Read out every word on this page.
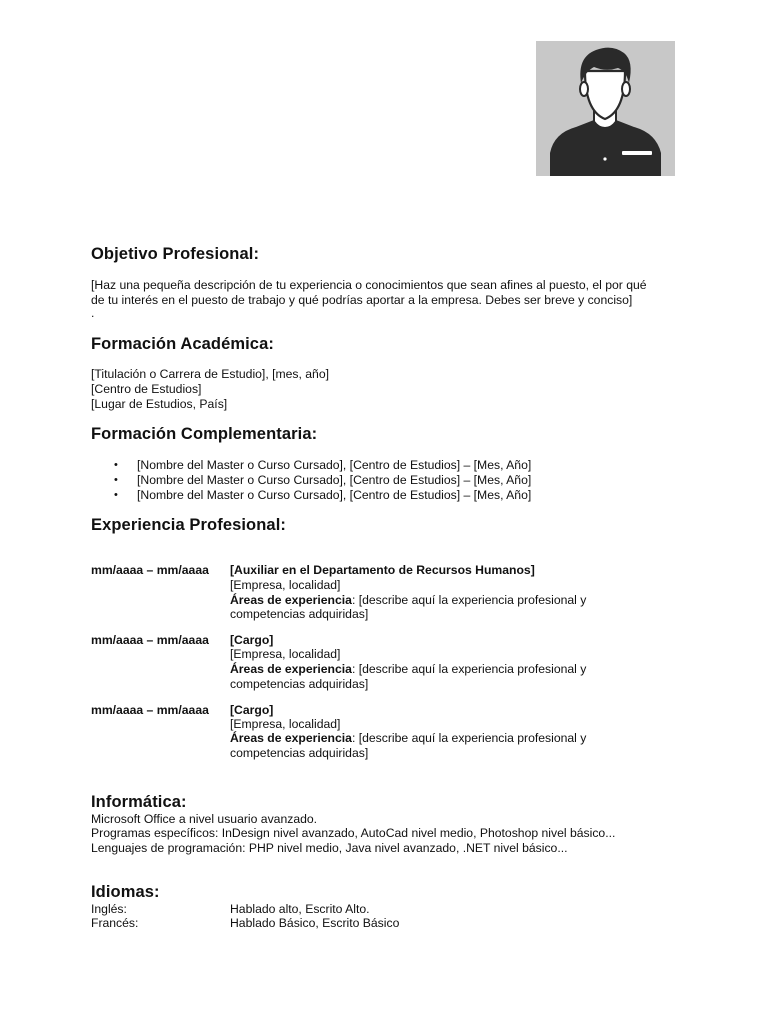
Objetivo Profesional:
[Haz una pequeña descripción de tu experiencia o conocimientos que sean afines al puesto, el por qué
de tu interés en el puesto de trabajo y qué podrías aportar a la empresa. Debes ser breve y conciso]
.
Formación Académica:
[Titulación o Carrera de Estudio], [mes, año]
[Centro de Estudios]
[Lugar de Estudios, País]
Formación Complementaria:
• [Nombre del Master o Curso Cursado], [Centro de Estudios] – [Mes, Año]
• [Nombre del Master o Curso Cursado], [Centro de Estudios] – [Mes, Año]
• [Nombre del Master o Curso Cursado], [Centro de Estudios] – [Mes, Año]
Experiencia Profesional:
mm/aaaa – mm/aaaa [Auxiliar en el Departamento de Recursos Humanos]
[Empresa, localidad]
Áreas de experiencia: [describe aquí la experiencia profesional y
competencias adquiridas]
mm/aaaa – mm/aaaa [Cargo]
[Empresa, localidad]
Áreas de experiencia: [describe aquí la experiencia profesional y
competencias adquiridas]
mm/aaaa – mm/aaaa [Cargo]
[Empresa, localidad]
Áreas de experiencia: [describe aquí la experiencia profesional y
competencias adquiridas]
Informática:
Microsoft Office a nivel usuario avanzado.
Programas específicos: InDesign nivel avanzado, AutoCad nivel medio, Photoshop nivel básico...
Lenguajes de programación: PHP nivel medio, Java nivel avanzado, .NET nivel básico...
Idiomas:
Inglés:	Hablado alto, Escrito Alto.
Francés:	Hablado Básico, Escrito Básico
